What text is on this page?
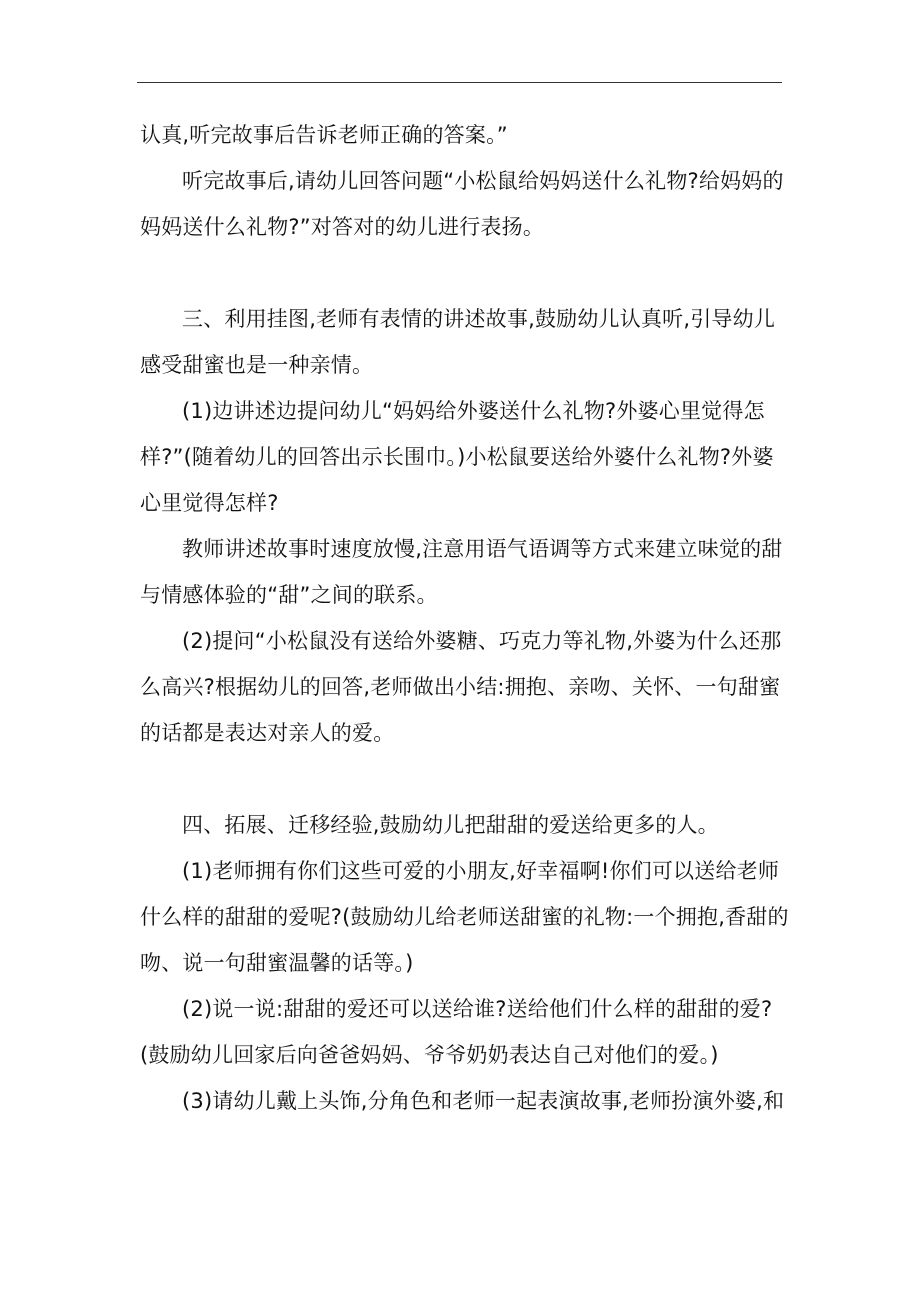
认真,听完故事后告诉老师正确的答案。”

听完故事后,请幼儿回答问题“小松鼠给妈妈送什么礼物?给妈妈的妈妈送什么礼物?”对答对的幼儿进行表扬。

三、利用挂图,老师有表情的讲述故事,鼓励幼儿认真听,引导幼儿感受甜蜜也是一种亲情。

(1)边讲述边提问幼儿“妈妈给外婆送什么礼物?外婆心里觉得怎样?”(随着幼儿的回答出示长围巾。)小松鼠要送给外婆什么礼物?外婆心里觉得怎样?

教师讲述故事时速度放慢,注意用语气语调等方式来建立味觉的甜与情感体验的“甜”之间的联系。

(2)提问“小松鼠没有送给外婆糖、巧克力等礼物,外婆为什么还那么高兴?根据幼儿的回答,老师做出小结:拥抱、亲吻、关怀、一句甜蜜的话都是表达对亲人的爱。

四、拓展、迁移经验,鼓励幼儿把甜甜的爱送给更多的人。

(1)老师拥有你们这些可爱的小朋友,好幸福啊!你们可以送给老师什么样的甜甜的爱呢?(鼓励幼儿给老师送甜蜜的礼物:一个拥抱,香甜的吻、说一句甜蜜温馨的话等。)

(2)说一说:甜甜的爱还可以送给谁?送给他们什么样的甜甜的爱?(鼓励幼儿回家后向爸爸妈妈、爷爷奶奶表达自己对他们的爱。)

(3)请幼儿戴上头饰,分角色和老师一起表演故事,老师扮演外婆,和
